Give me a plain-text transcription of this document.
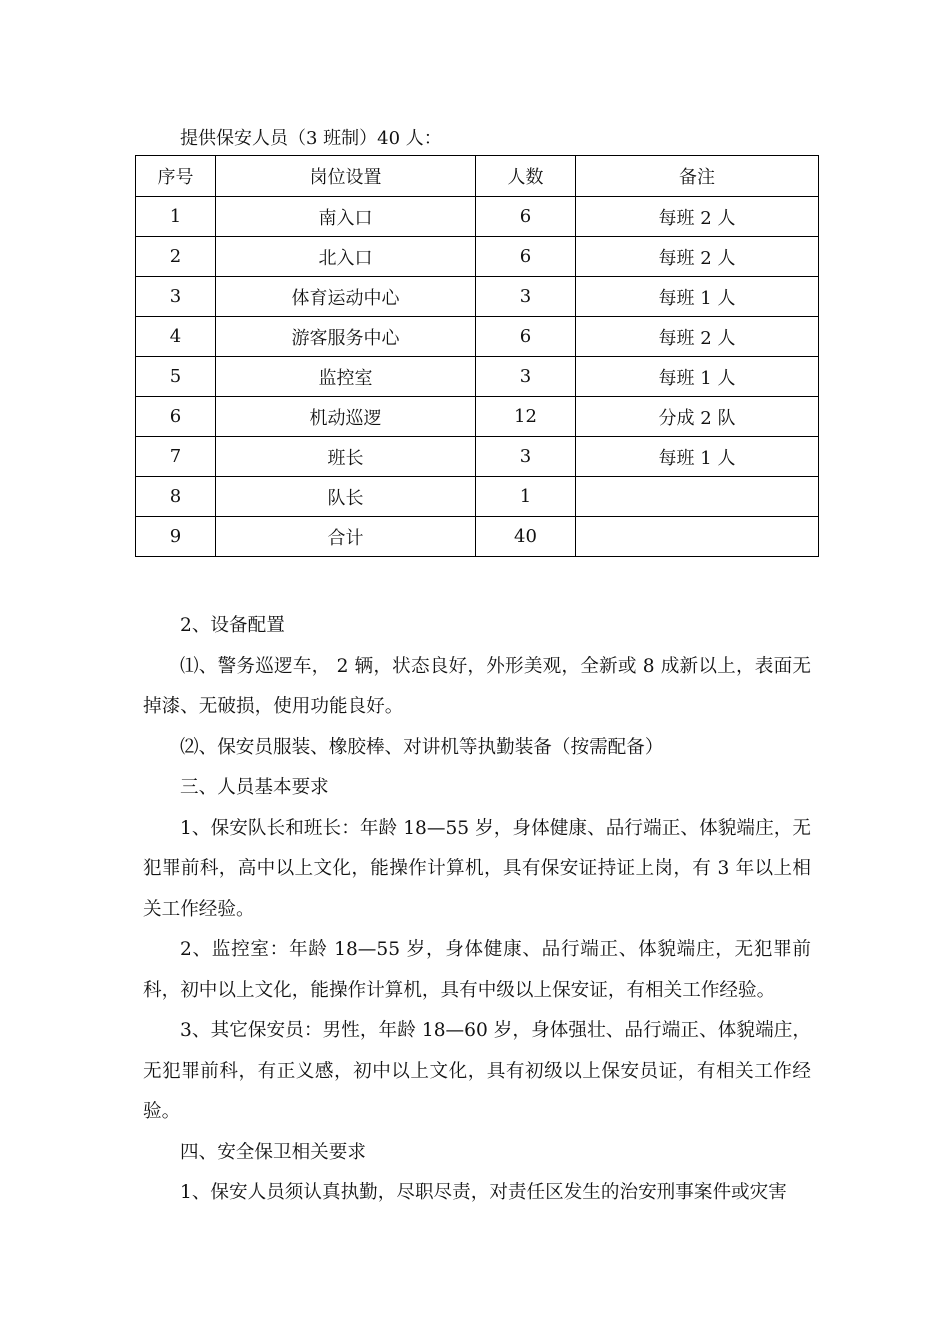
提供保安人员（3 班制）40 人：
序号	岗位设置	人数	备注
1	南入口	6	每班 2 人
2	北入口	6	每班 2 人
3	体育运动中心	3	每班 1 人
4	游客服务中心	6	每班 2 人
5	监控室	3	每班 1 人
6	机动巡逻	12	分成 2 队
7	班长	3	每班 1 人
8	队长	1	
9	合计	40	

2、设备配置

⑴、警务巡逻车， 2 辆，状态良好，外形美观，全新或 8 成新以上，表面无掉漆、无破损，使用功能良好。

⑵、保安员服装、橡胶棒、对讲机等执勤装备（按需配备）

三、人员基本要求

1、保安队长和班长：年龄 18—55 岁，身体健康、品行端正、体貌端庄，无犯罪前科，高中以上文化，能操作计算机，具有保安证持证上岗，有 3 年以上相关工作经验。

2、监控室：年龄 18—55 岁，身体健康、品行端正、体貌端庄，无犯罪前科，初中以上文化，能操作计算机，具有中级以上保安证，有相关工作经验。

3、其它保安员：男性，年龄 18—60 岁，身体强壮、品行端正、体貌端庄，无犯罪前科，有正义感，初中以上文化，具有初级以上保安员证，有相关工作经验。

四、安全保卫相关要求

1、保安人员须认真执勤，尽职尽责，对责任区发生的治安刑事案件或灾害
